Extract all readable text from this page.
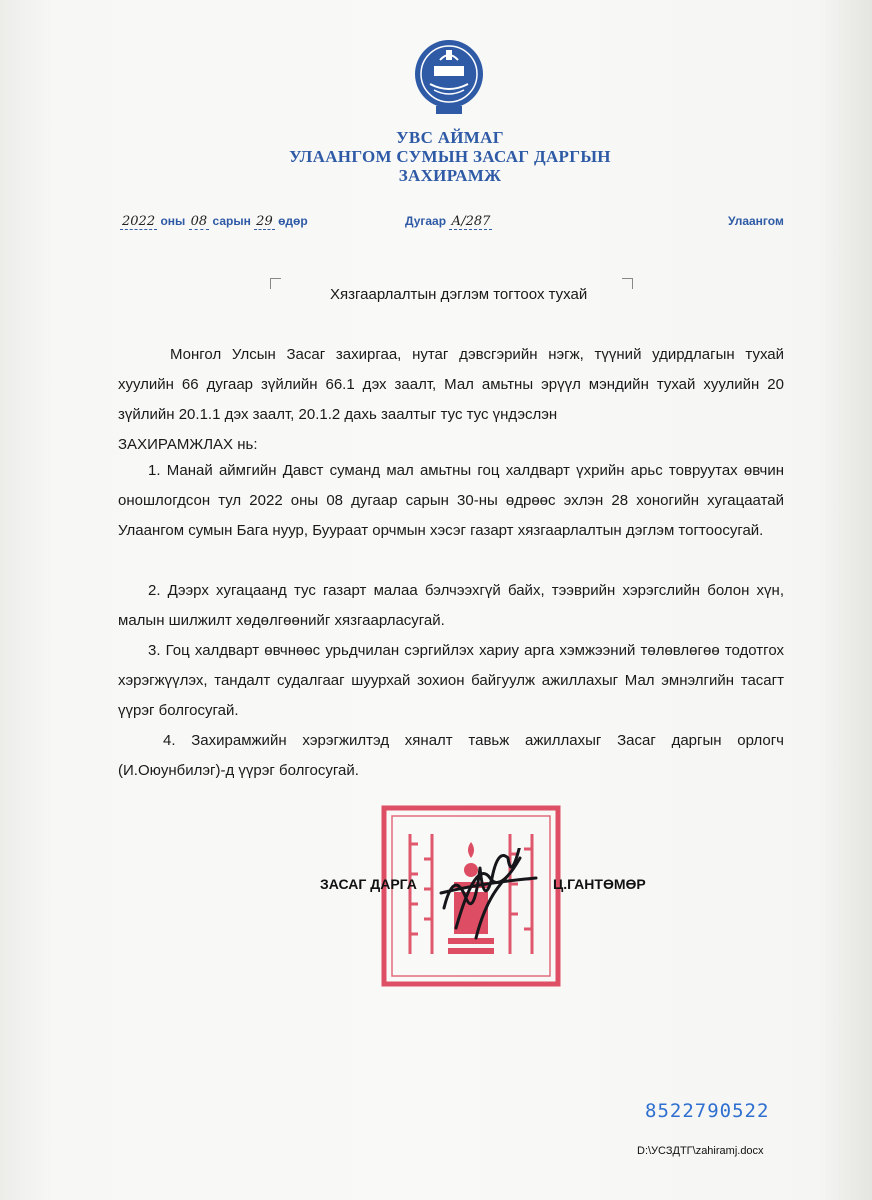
УВС АЙМАГ
УЛААНГОМ СУМЫН ЗАСАГ ДАРГЫН
ЗАХИРАМЖ
2022 оны 08 сарын 29 өдөр	Дугаар А/287	Улаангом
Хязгаарлалтын дэглэм тогтоох тухай

Монгол Улсын Засаг захиргаа, нутаг дэвсгэрийн нэгж, түүний удирдлагын тухай хуулийн 66 дугаар зүйлийн 66.1 дэх заалт, Мал амьтны эрүүл мэндийн тухай хуулийн 20 зүйлийн 20.1.1 дэх заалт, 20.1.2 дахь заалтыг тус тус үндэслэн

ЗАХИРАМЖЛАХ нь:

1. Манай аймгийн Давст суманд мал амьтны гоц халдварт үхрийн арьс товруутах өвчин оношлогдсон тул 2022 оны 08 дугаар сарын 30-ны өдрөөс эхлэн 28 хоногийн хугацаатай Улаангом сумын Бага нуур, Буураат орчмын хэсэг газарт хязгаарлалтын дэглэм тогтоосугай.

2. Дээрх хугацаанд тус газарт малаа бэлчээхгүй байх, тээврийн хэрэгслийн болон хүн, малын шилжилт хөдөлгөөнийг хязгаарласугай.

3. Гоц халдварт өвчнөөс урьдчилан сэргийлэх хариу арга хэмжээний төлөвлөгөө тодотгох хэрэгжүүлэх, тандалт судалгааг шуурхай зохион байгуулж ажиллахыг Мал эмнэлгийн тасагт үүрэг болгосугай.

4. Захирамжийн хэрэгжилтэд хяналт тавьж ажиллахыг Засаг даргын орлогч (И.Оюунбилэг)-д үүрэг болгосугай.

ЗАСАГ ДАРГА	Ц.ГАНТӨМӨР
8522790522
D:\УСЗДТГ\zahiramj.docx
